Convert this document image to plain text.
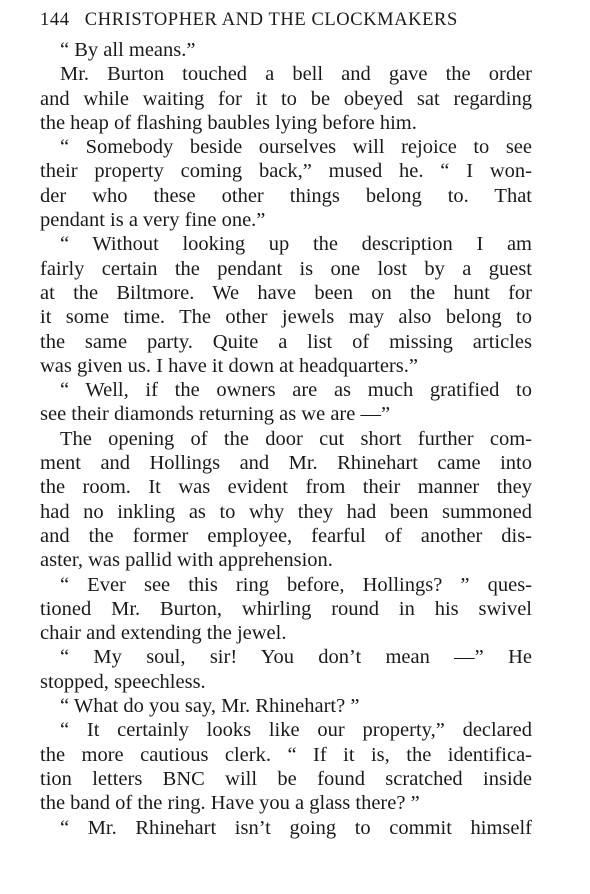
144 CHRISTOPHER AND THE CLOCKMAKERS
“ By all means.”
Mr. Burton touched a bell and gave the order
and while waiting for it to be obeyed sat regarding
the heap of flashing baubles lying before him.
“ Somebody beside ourselves will rejoice to see
their property coming back,” mused he. “ I won-
der who these other things belong to. That
pendant is a very fine one.”
“ Without looking up the description I am
fairly certain the pendant is one lost by a guest
at the Biltmore. We have been on the hunt for
it some time. The other jewels may also belong to
the same party. Quite a list of missing articles
was given us. I have it down at headquarters.”
“ Well, if the owners are as much gratified to
see their diamonds returning as we are —”
The opening of the door cut short further com-
ment and Hollings and Mr. Rhinehart came into
the room. It was evident from their manner they
had no inkling as to why they had been summoned
and the former employee, fearful of another dis-
aster, was pallid with apprehension.
“ Ever see this ring before, Hollings? ” ques-
tioned Mr. Burton, whirling round in his swivel
chair and extending the jewel.
“ My soul, sir! You don’t mean —” He
stopped, speechless.
“ What do you say, Mr. Rhinehart? ”
“ It certainly looks like our property,” declared
the more cautious clerk. “ If it is, the identifica-
tion letters BNC will be found scratched inside
the band of the ring. Have you a glass there? ”
“ Mr. Rhinehart isn’t going to commit himself
